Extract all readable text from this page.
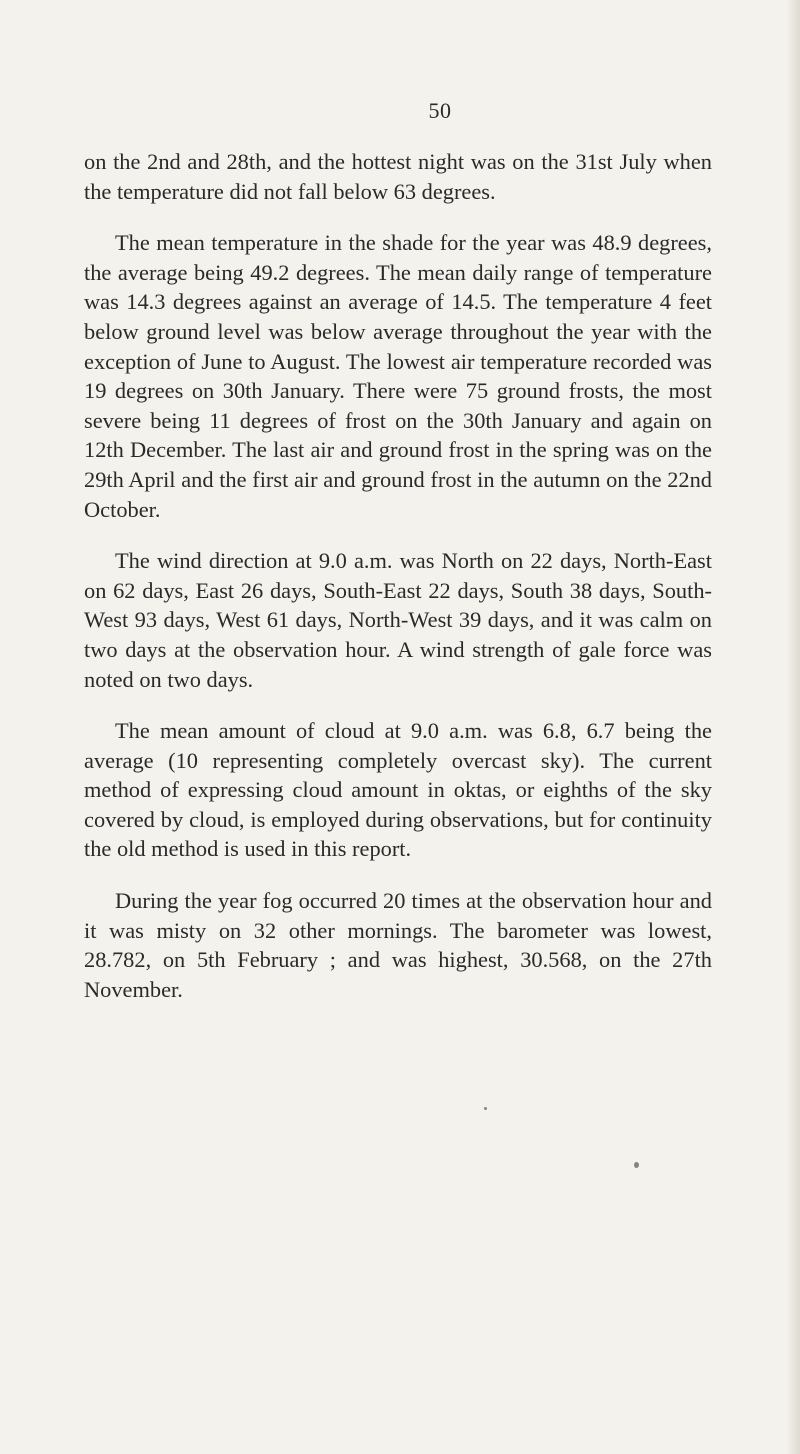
50

on the 2nd and 28th, and the hottest night was on the 31st July when the temperature did not fall below 63 degrees.

The mean temperature in the shade for the year was 48.9 degrees, the average being 49.2 degrees. The mean daily range of temperature was 14.3 degrees against an average of 14.5. The temperature 4 feet below ground level was below average throughout the year with the exception of June to August. The lowest air temperature recorded was 19 degrees on 30th January. There were 75 ground frosts, the most severe being 11 degrees of frost on the 30th January and again on 12th December. The last air and ground frost in the spring was on the 29th April and the first air and ground frost in the autumn on the 22nd October.

The wind direction at 9.0 a.m. was North on 22 days, North-East on 62 days, East 26 days, South-East 22 days, South 38 days, South-West 93 days, West 61 days, North-West 39 days, and it was calm on two days at the observation hour. A wind strength of gale force was noted on two days.

The mean amount of cloud at 9.0 a.m. was 6.8, 6.7 being the average (10 representing completely overcast sky). The current method of expressing cloud amount in oktas, or eighths of the sky covered by cloud, is employed during observations, but for continuity the old method is used in this report.

During the year fog occurred 20 times at the observation hour and it was misty on 32 other mornings. The barometer was lowest, 28.782, on 5th February ; and was highest, 30.568, on the 27th November.
